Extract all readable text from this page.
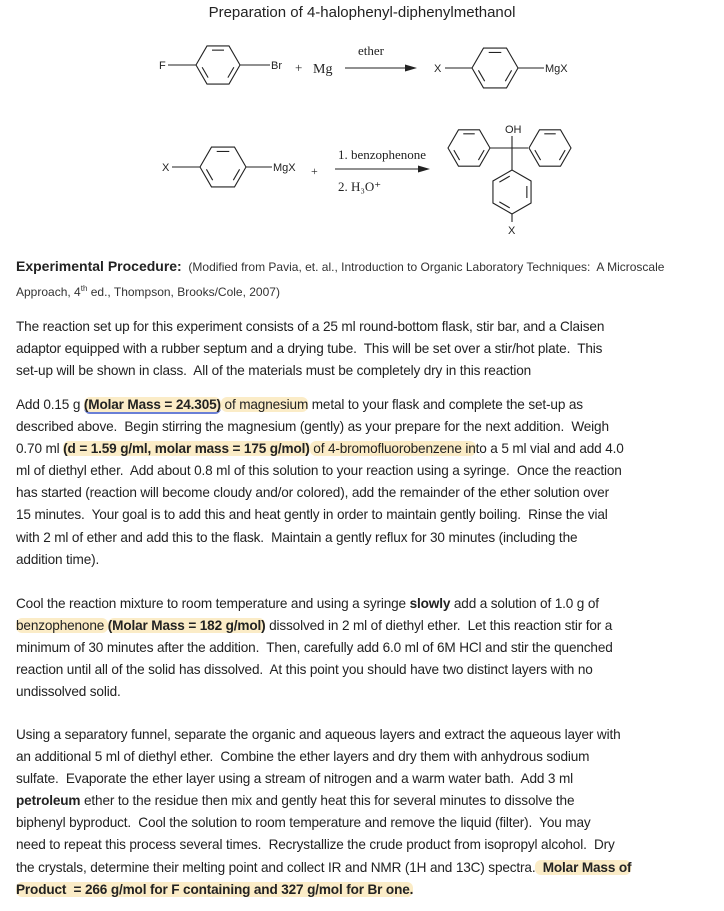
Preparation of 4-halophenyl-diphenylmethanol
F	Br + Mg
ether
X	MgX
X	MgX +
1. benzophenone
2. H₃O⁺
OH
X
Experimental Procedure:  (Modified from Pavia, et. al., Introduction to Organic Laboratory Techniques:  A Microscale
Approach, 4th ed., Thompson, Brooks/Cole, 2007)
The reaction set up for this experiment consists of a 25 ml round-bottom flask, stir bar, and a Claisen
adaptor equipped with a rubber septum and a drying tube.  This will be set over a stir/hot plate.  This
set-up will be shown in class.  All of the materials must be completely dry in this reaction
Add 0.15 g (Molar Mass = 24.305) of magnesium metal to your flask and complete the set-up as
described above.  Begin stirring the magnesium (gently) as your prepare for the next addition.  Weigh
0.70 ml (d = 1.59 g/ml, molar mass = 175 g/mol) of 4-bromofluorobenzene into a 5 ml vial and add 4.0
ml of diethyl ether.  Add about 0.8 ml of this solution to your reaction using a syringe.  Once the reaction
has started (reaction will become cloudy and/or colored), add the remainder of the ether solution over
15 minutes.  Your goal is to add this and heat gently in order to maintain gently boiling.  Rinse the vial
with 2 ml of ether and add this to the flask.  Maintain a gently reflux for 30 minutes (including the
addition time).
Cool the reaction mixture to room temperature and using a syringe slowly add a solution of 1.0 g of
benzophenone (Molar Mass = 182 g/mol) dissolved in 2 ml of diethyl ether.  Let this reaction stir for a
minimum of 30 minutes after the addition.  Then, carefully add 6.0 ml of 6M HCl and stir the quenched
reaction until all of the solid has dissolved.  At this point you should have two distinct layers with no
undissolved solid.
Using a separatory funnel, separate the organic and aqueous layers and extract the aqueous layer with
an additional 5 ml of diethyl ether.  Combine the ether layers and dry them with anhydrous sodium
sulfate.  Evaporate the ether layer using a stream of nitrogen and a warm water bath.  Add 3 ml
petroleum ether to the residue then mix and gently heat this for several minutes to dissolve the
biphenyl byproduct.  Cool the solution to room temperature and remove the liquid (filter).  You may
need to repeat this process several times.  Recrystallize the crude product from isopropyl alcohol.  Dry
the crystals, determine their melting point and collect IR and NMR (1H and 13C) spectra.  Molar Mass of
Product  = 266 g/mol for F containing and 327 g/mol for Br one.
